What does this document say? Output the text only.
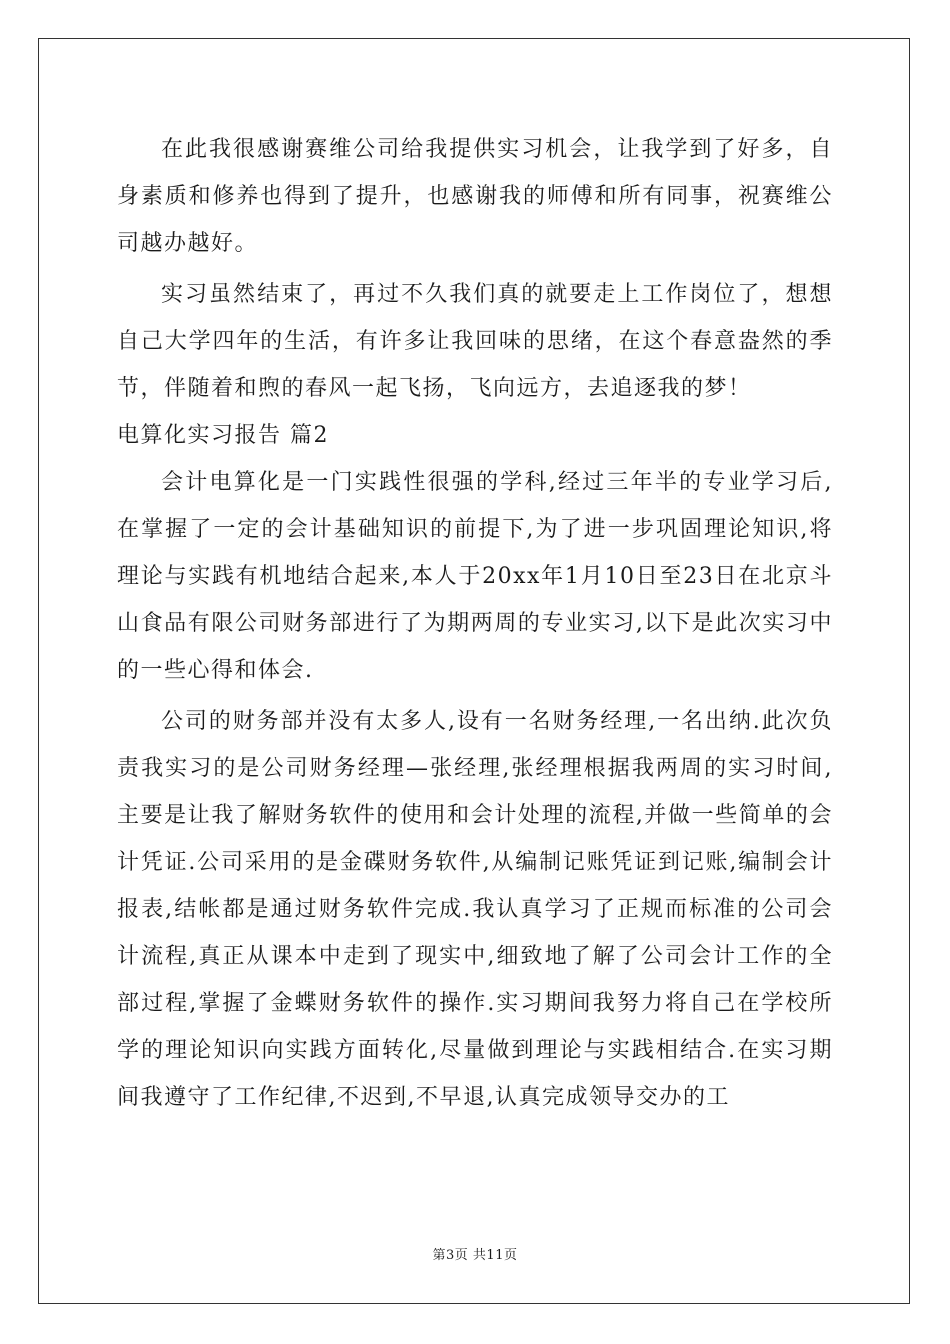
在此我很感谢赛维公司给我提供实习机会，让我学到了好多，自身素质和修养也得到了提升，也感谢我的师傅和所有同事，祝赛维公司越办越好。

实习虽然结束了，再过不久我们真的就要走上工作岗位了，想想自己大学四年的生活，有许多让我回味的思绪，在这个春意盎然的季节，伴随着和煦的春风一起飞扬，飞向远方，去追逐我的梦！

电算化实习报告 篇2

会计电算化是一门实践性很强的学科,经过三年半的专业学习后,在掌握了一定的会计基础知识的前提下,为了进一步巩固理论知识,将理论与实践有机地结合起来,本人于20xx年1月10日至23日在北京斗山食品有限公司财务部进行了为期两周的专业实习,以下是此次实习中的一些心得和体会.

公司的财务部并没有太多人,设有一名财务经理,一名出纳.此次负责我实习的是公司财务经理—张经理,张经理根据我两周的实习时间,主要是让我了解财务软件的使用和会计处理的流程,并做一些简单的会计凭证.公司采用的是金碟财务软件,从编制记账凭证到记账,编制会计报表,结帐都是通过财务软件完成.我认真学习了正规而标准的公司会计流程,真正从课本中走到了现实中,细致地了解了公司会计工作的全部过程,掌握了金蝶财务软件的操作.实习期间我努力将自己在学校所学的理论知识向实践方面转化,尽量做到理论与实践相结合.在实习期间我遵守了工作纪律,不迟到,不早退,认真完成领导交办的工

第3页 共11页
